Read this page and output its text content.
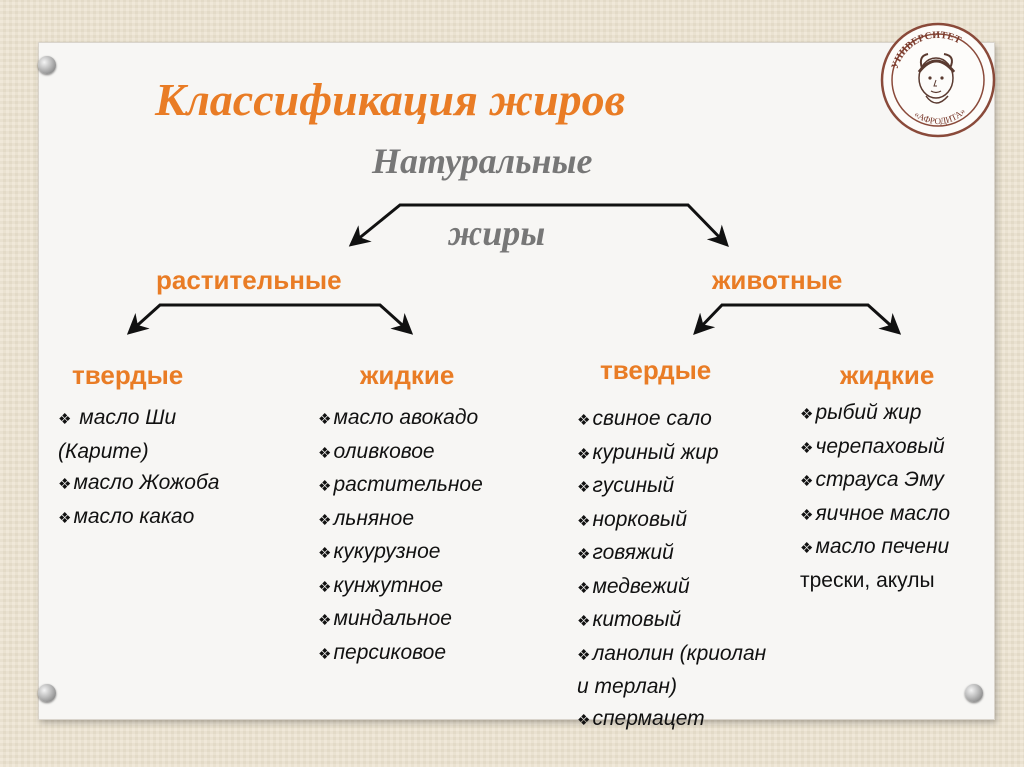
УНИВЕРСИТЕТ
«АФРОДИТА»
Классификация жиров
Натуральные
жиры
растительные	животные
твердые	жидкие	твердые	жидкие
❖ масло Ши
(Карите)
❖масло Жожоба
❖масло какао
❖масло авокадо
❖оливковое
❖растительное
❖льняное
❖кукурузное
❖кунжутное
❖миндальное
❖персиковое
❖свиное сало
❖куриный жир
❖гусиный
❖норковый
❖говяжий
❖медвежий
❖китовый
❖ланолин (криолан
и терлан)
❖спермацет
❖рыбий жир
❖черепаховый
❖страуса Эму
❖яичное масло
❖масло печени
трески, акулы
